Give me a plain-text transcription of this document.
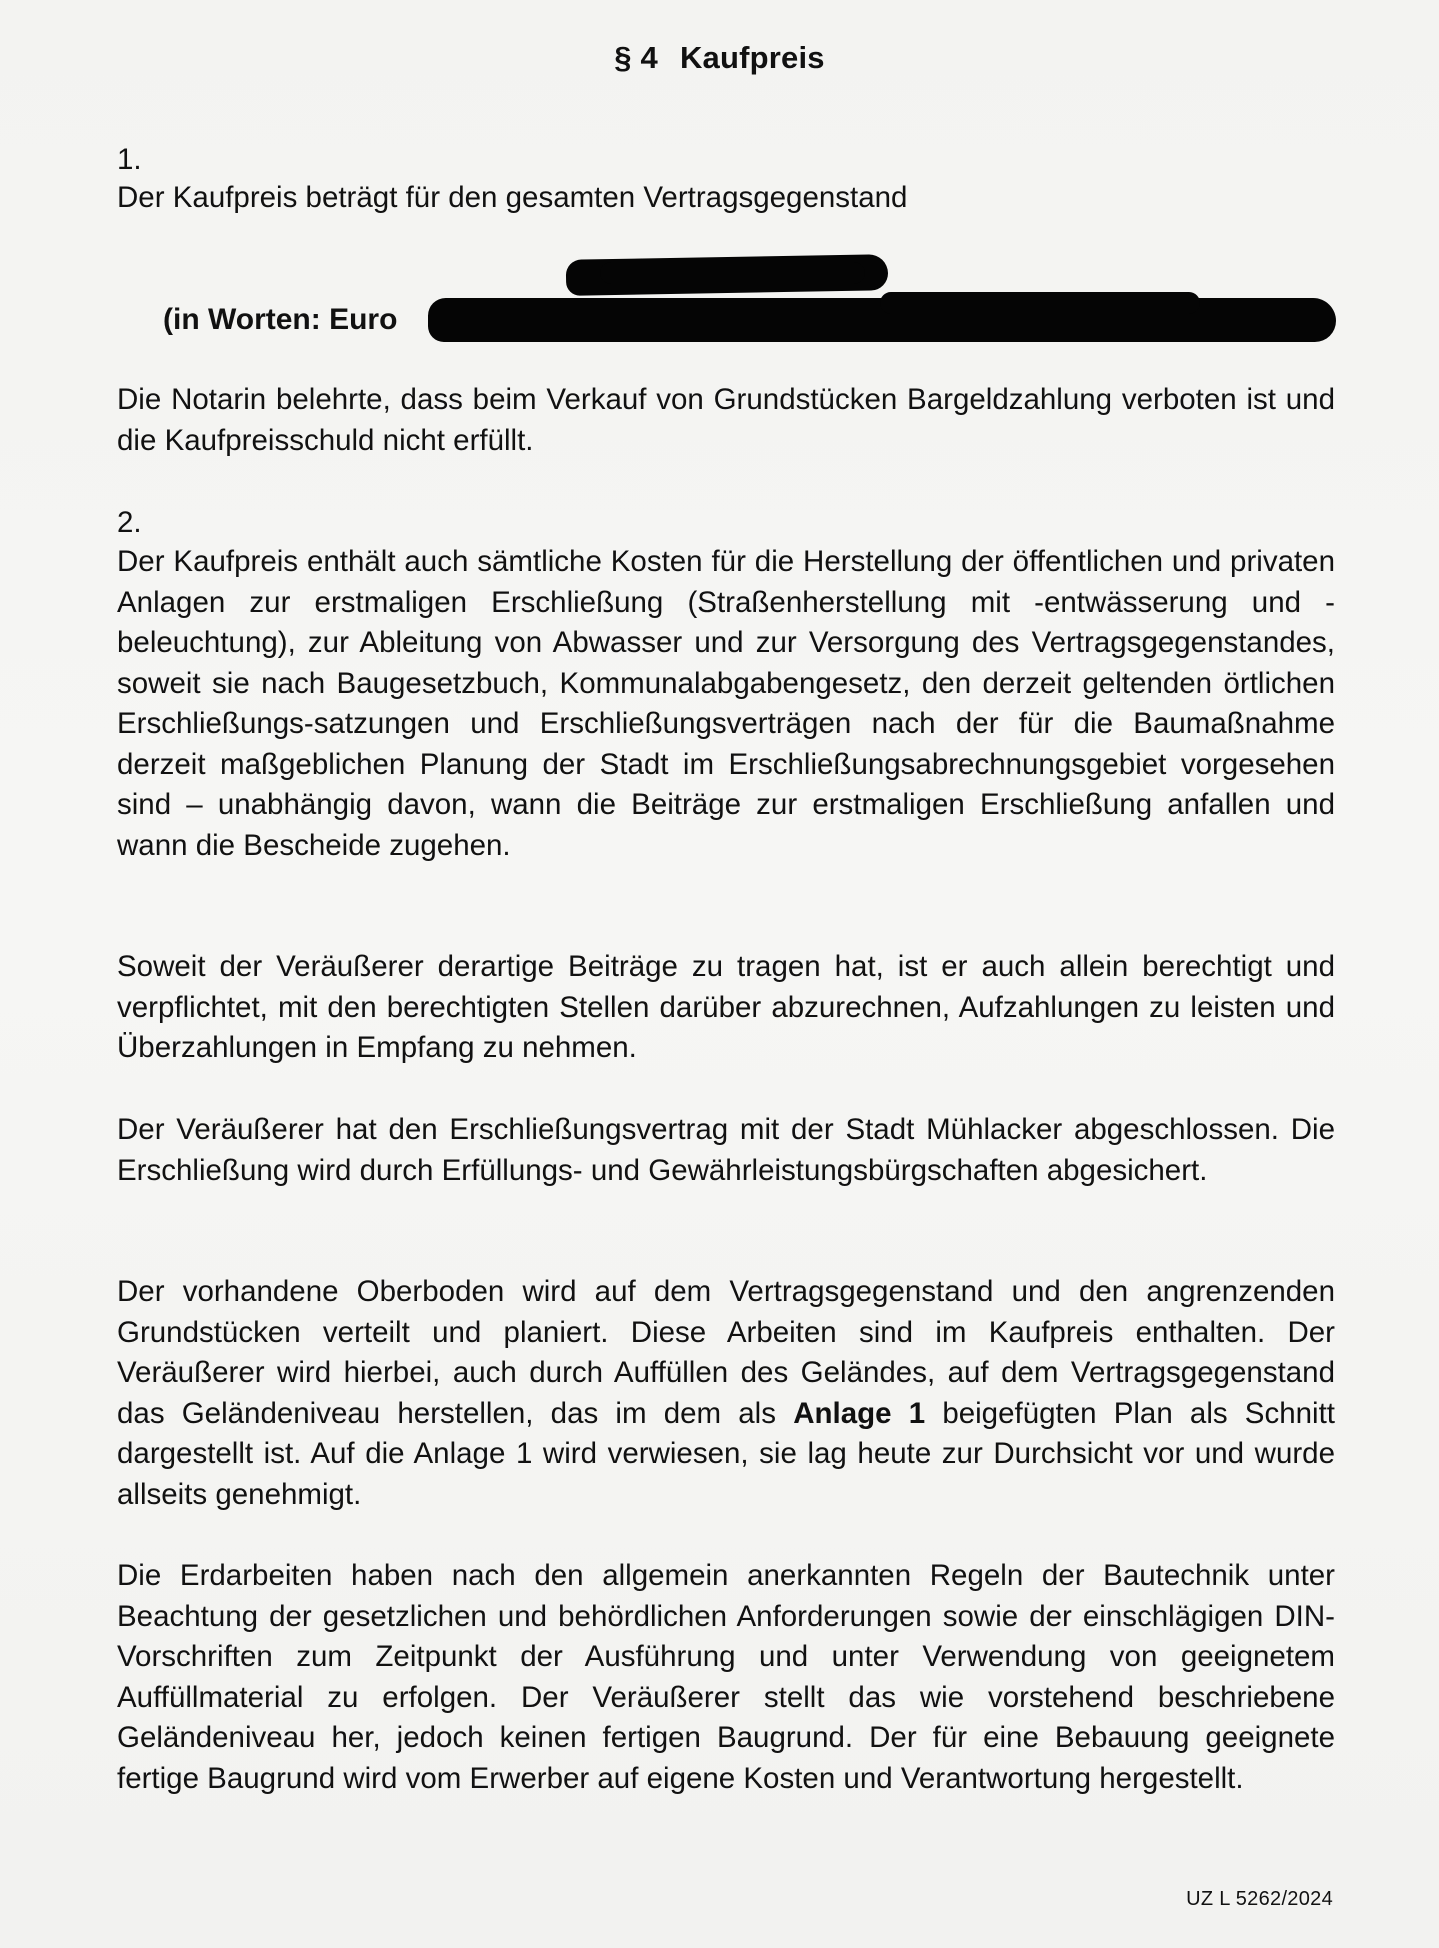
§ 4 Kaufpreis
1.
Der Kaufpreis beträgt für den gesamten Vertragsgegenstand
(in Worten: Euro
Die Notarin belehrte, dass beim Verkauf von Grundstücken Bargeldzahlung verboten ist und die Kaufpreisschuld nicht erfüllt.
2.
Der Kaufpreis enthält auch sämtliche Kosten für die Herstellung der öffentlichen und privaten Anlagen zur erstmaligen Erschließung (Straßenherstellung mit -entwässerung und -beleuchtung), zur Ableitung von Abwasser und zur Versorgung des Vertragsgegenstandes, soweit sie nach Baugesetzbuch, Kommunalabgabengesetz, den derzeit geltenden örtlichen Erschließungs-satzungen und Erschließungsverträgen nach der für die Baumaßnahme derzeit maßgeblichen Planung der Stadt im Erschließungsabrechnungsgebiet vorgesehen sind – unabhängig davon, wann die Beiträge zur erstmaligen Erschließung anfallen und wann die Bescheide zugehen.
Soweit der Veräußerer derartige Beiträge zu tragen hat, ist er auch allein berechtigt und verpflichtet, mit den berechtigten Stellen darüber abzurechnen, Aufzahlungen zu leisten und Überzahlungen in Empfang zu nehmen.
Der Veräußerer hat den Erschließungsvertrag mit der Stadt Mühlacker abgeschlossen. Die Erschließung wird durch Erfüllungs- und Gewährleistungsbürgschaften abgesichert.
Der vorhandene Oberboden wird auf dem Vertragsgegenstand und den angrenzenden Grundstücken verteilt und planiert. Diese Arbeiten sind im Kaufpreis enthalten. Der Veräußerer wird hierbei, auch durch Auffüllen des Geländes, auf dem Vertragsgegenstand das Geländeniveau herstellen, das im dem als Anlage 1 beigefügten Plan als Schnitt dargestellt ist. Auf die Anlage 1 wird verwiesen, sie lag heute zur Durchsicht vor und wurde allseits genehmigt.
Die Erdarbeiten haben nach den allgemein anerkannten Regeln der Bautechnik unter Beachtung der gesetzlichen und behördlichen Anforderungen sowie der einschlägigen DIN-Vorschriften zum Zeitpunkt der Ausführung und unter Verwendung von geeignetem Auffüllmaterial zu erfolgen. Der Veräußerer stellt das wie vorstehend beschriebene Geländeniveau her, jedoch keinen fertigen Baugrund. Der für eine Bebauung geeignete fertige Baugrund wird vom Erwerber auf eigene Kosten und Verantwortung hergestellt.
UZ L 5262/2024
